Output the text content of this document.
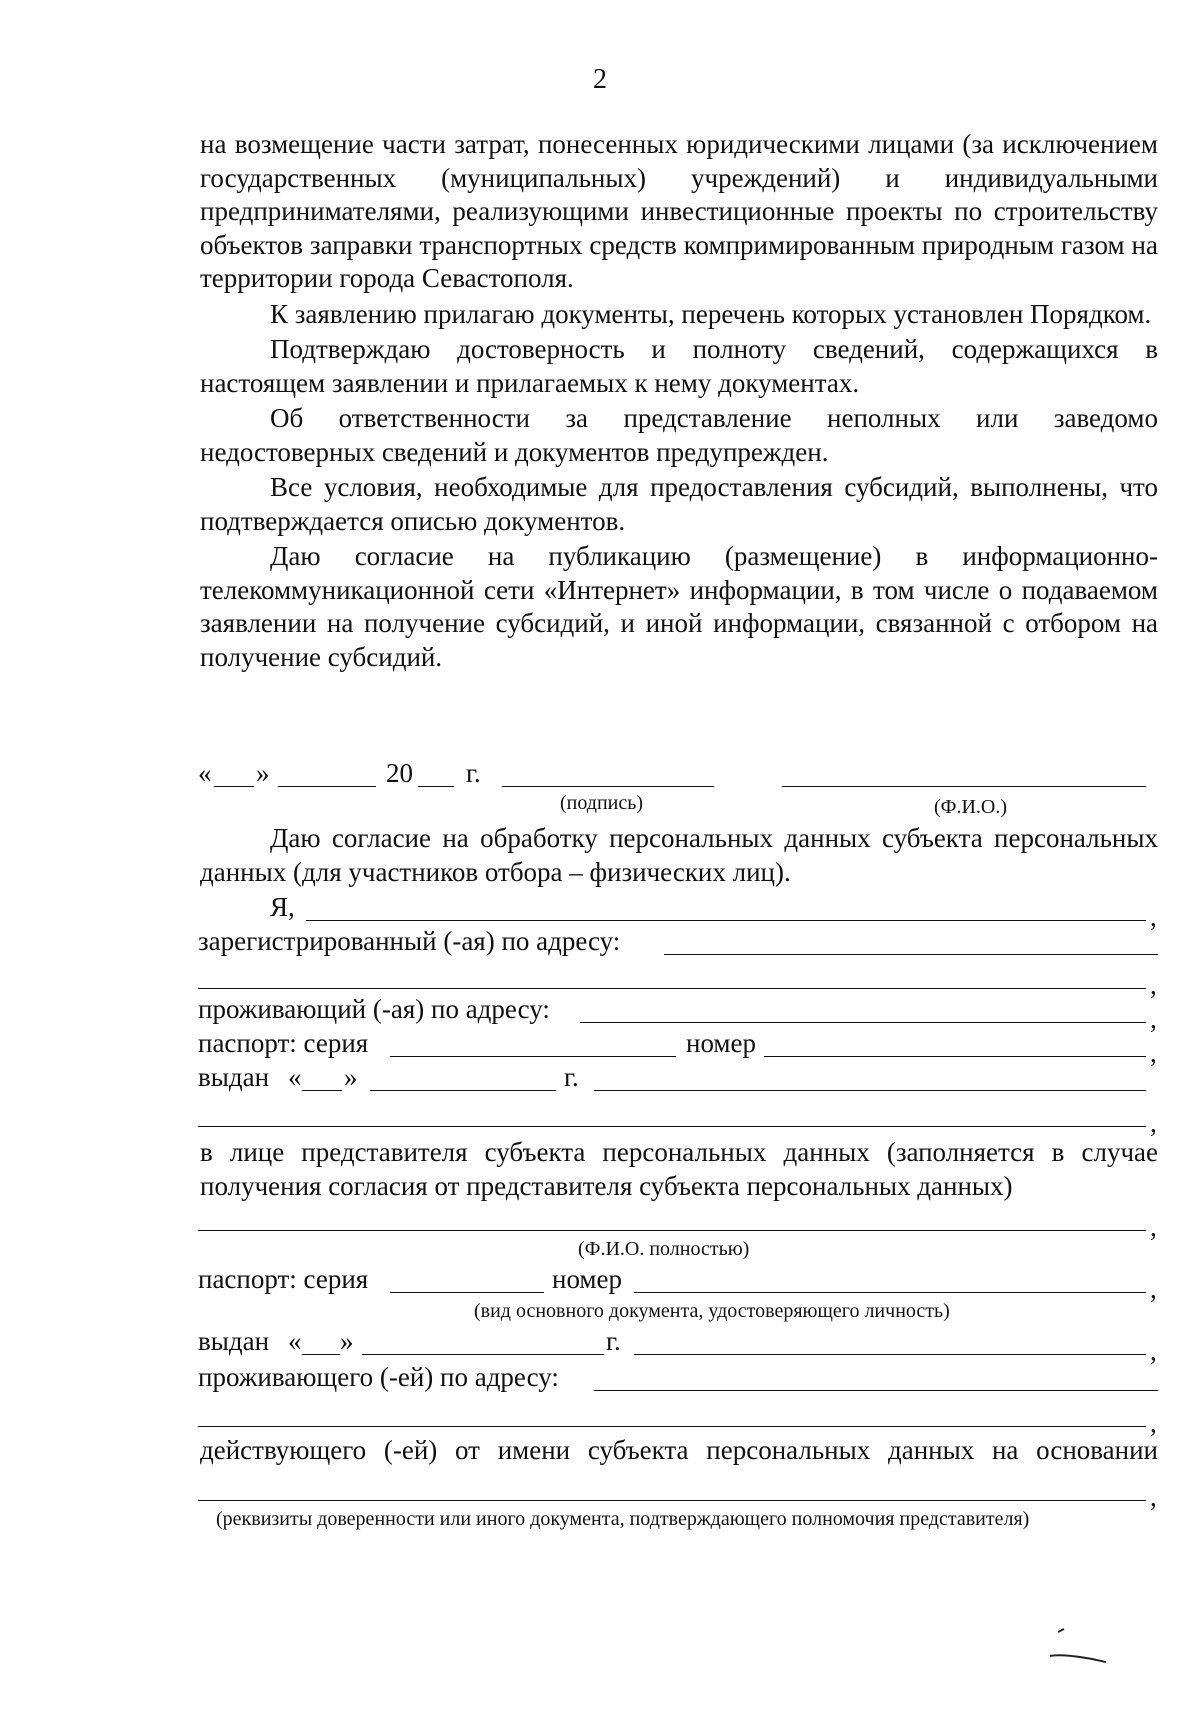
2

на возмещение части затрат, понесенных юридическими лицами (за исключением государственных (муниципальных) учреждений) и индивидуальными предпринимателями, реализующими инвестиционные проекты по строительству объектов заправки транспортных средств компримированным природным газом на территории города Севастополя.

К заявлению прилагаю документы, перечень которых установлен Порядком.

Подтверждаю достоверность и полноту сведений, содержащихся в настоящем заявлении и прилагаемых к нему документах.

Об ответственности за представление неполных или заведомо недостоверных сведений и документов предупрежден.

Все условия, необходимые для предоставления субсидий, выполнены, что подтверждается описью документов.

Даю согласие на публикацию (размещение) в информационно-телекоммуникационной сети «Интернет» информации, в том числе о подаваемом заявлении на получение субсидий, и иной информации, связанной с отбором на получение субсидий.

« »	20 г.
(подпись)	(Ф.И.О.)

Даю согласие на обработку персональных данных субъекта персональных данных (для участников отбора – физических лиц).

Я,	,
зарегистрированный (-ая) по адресу:
,
проживающий (-ая) по адресу:	,
паспорт: серия	номер	,
выдан « »	г.
,

в лице представителя субъекта персональных данных (заполняется в случае получения согласия от представителя субъекта персональных данных)

,
(Ф.И.О. полностью)
паспорт: серия	номер	,
(вид основного документа, удостоверяющего личность)
выдан « »	г.	,
проживающего (-ей) по адресу:
,

действующего (-ей) от имени субъекта персональных данных на основании

,
(реквизиты доверенности или иного документа, подтверждающего полномочия представителя)
